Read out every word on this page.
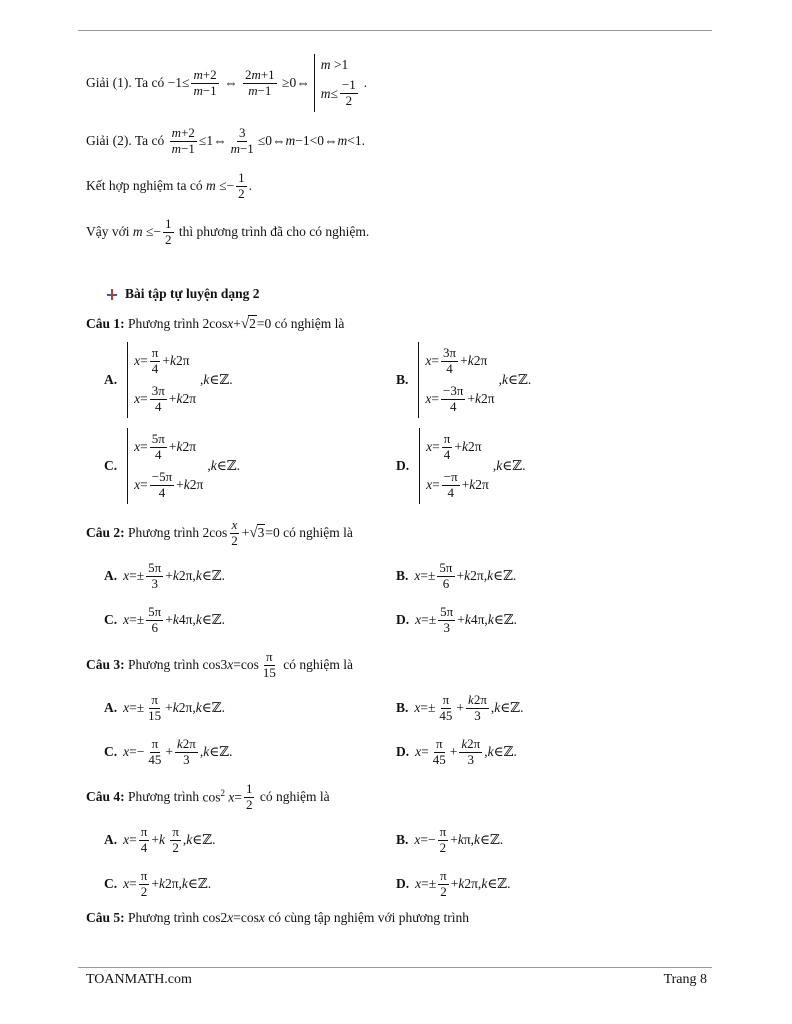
Giải
(1) . Ta có
$-1\le \frac{m+2}{m-1}$ ⇔ $\frac{2m+1}{m-1}$ ≥0⇔
m >1
$m \le \frac{-1}{2}$ .
Giải
(2) . Ta có
$\frac{m+2}{m-1}$ ≤1⇔ $\frac{3}{m-1}$ ≤0⇔m−1<0⇔m<1.
Kết hợp nghiệm ta có
$m \le- \frac{1}{2}$ .
Vậy với
$m \le- \frac{1}{2}$
thì phương trình đã cho có nghiệm.
Bài tập tự luyện dạng 2
Câu 1:
Phương trình
2cosx+√2=0
có nghiệm là
A.
$x = \frac{\pi}{4} + k$ 2π
$x = \frac{3\pi}{4} + k$ 2π
,k∈ℤ.	B.
$x = \frac{3\pi}{4} + k$ 2π
$x = \frac{-3\pi}{4} + k$ 2π
,k∈ℤ.
C.
$x = \frac{5\pi}{4} + k$ 2π
$x = \frac{-5\pi}{4} + k$ 2π
,k∈ℤ.	D.
$x = \frac{\pi}{4} + k$ 2π
$x = \frac{-\pi}{4} + k$ 2π
,k∈ℤ.
Câu 2:
Phương trình
$2\cos \frac{x}{2} +√3=0$
có nghiệm là
A. $x =\pm \frac{5\pi}{3} + k$ 2π, k ∈ℤ.	B. $x =\pm \frac{5\pi}{6} + k$ 2π, k ∈ℤ.
C. $x =\pm \frac{5\pi}{6} + k$ 4π, k ∈ℤ.	D. $x =\pm \frac{5\pi}{3} + k$ 4π, k ∈ℤ.
Câu 3:
Phương trình
$\cos 3x=\cos \frac{\pi}{15}$
có nghiệm là
A. $x =\pm \frac{\pi}{15} + k$ 2π, k ∈ℤ.	B. $x =\pm \frac{\pi}{45} + \frac{k2\pi}{3}$ , k ∈ℤ.
C. $x =- \frac{\pi}{45} + \frac{k2\pi}{3}$ , k ∈ℤ.	D. $x = \frac{\pi}{45} + \frac{k2\pi}{3}$ , k ∈ℤ.
Câu 4:
Phương trình
$\cos^2 x= \frac{1}{2}$
có nghiệm là
A. $x = \frac{\pi}{4} + k$
$\frac{\pi}{2}$ , k ∈ℤ.	B. $x =- \frac{\pi}{2} + k$ π, k ∈ℤ.
C. $x = \frac{\pi}{2} + k$ 2π, k ∈ℤ.	D. $x =\pm \frac{\pi}{2} + k$ 2π, k ∈ℤ.
Câu 5:
Phương trình
cos2x=cosx
có cùng tập nghiệm với phương trình
TOANMATH.com	Trang 8
